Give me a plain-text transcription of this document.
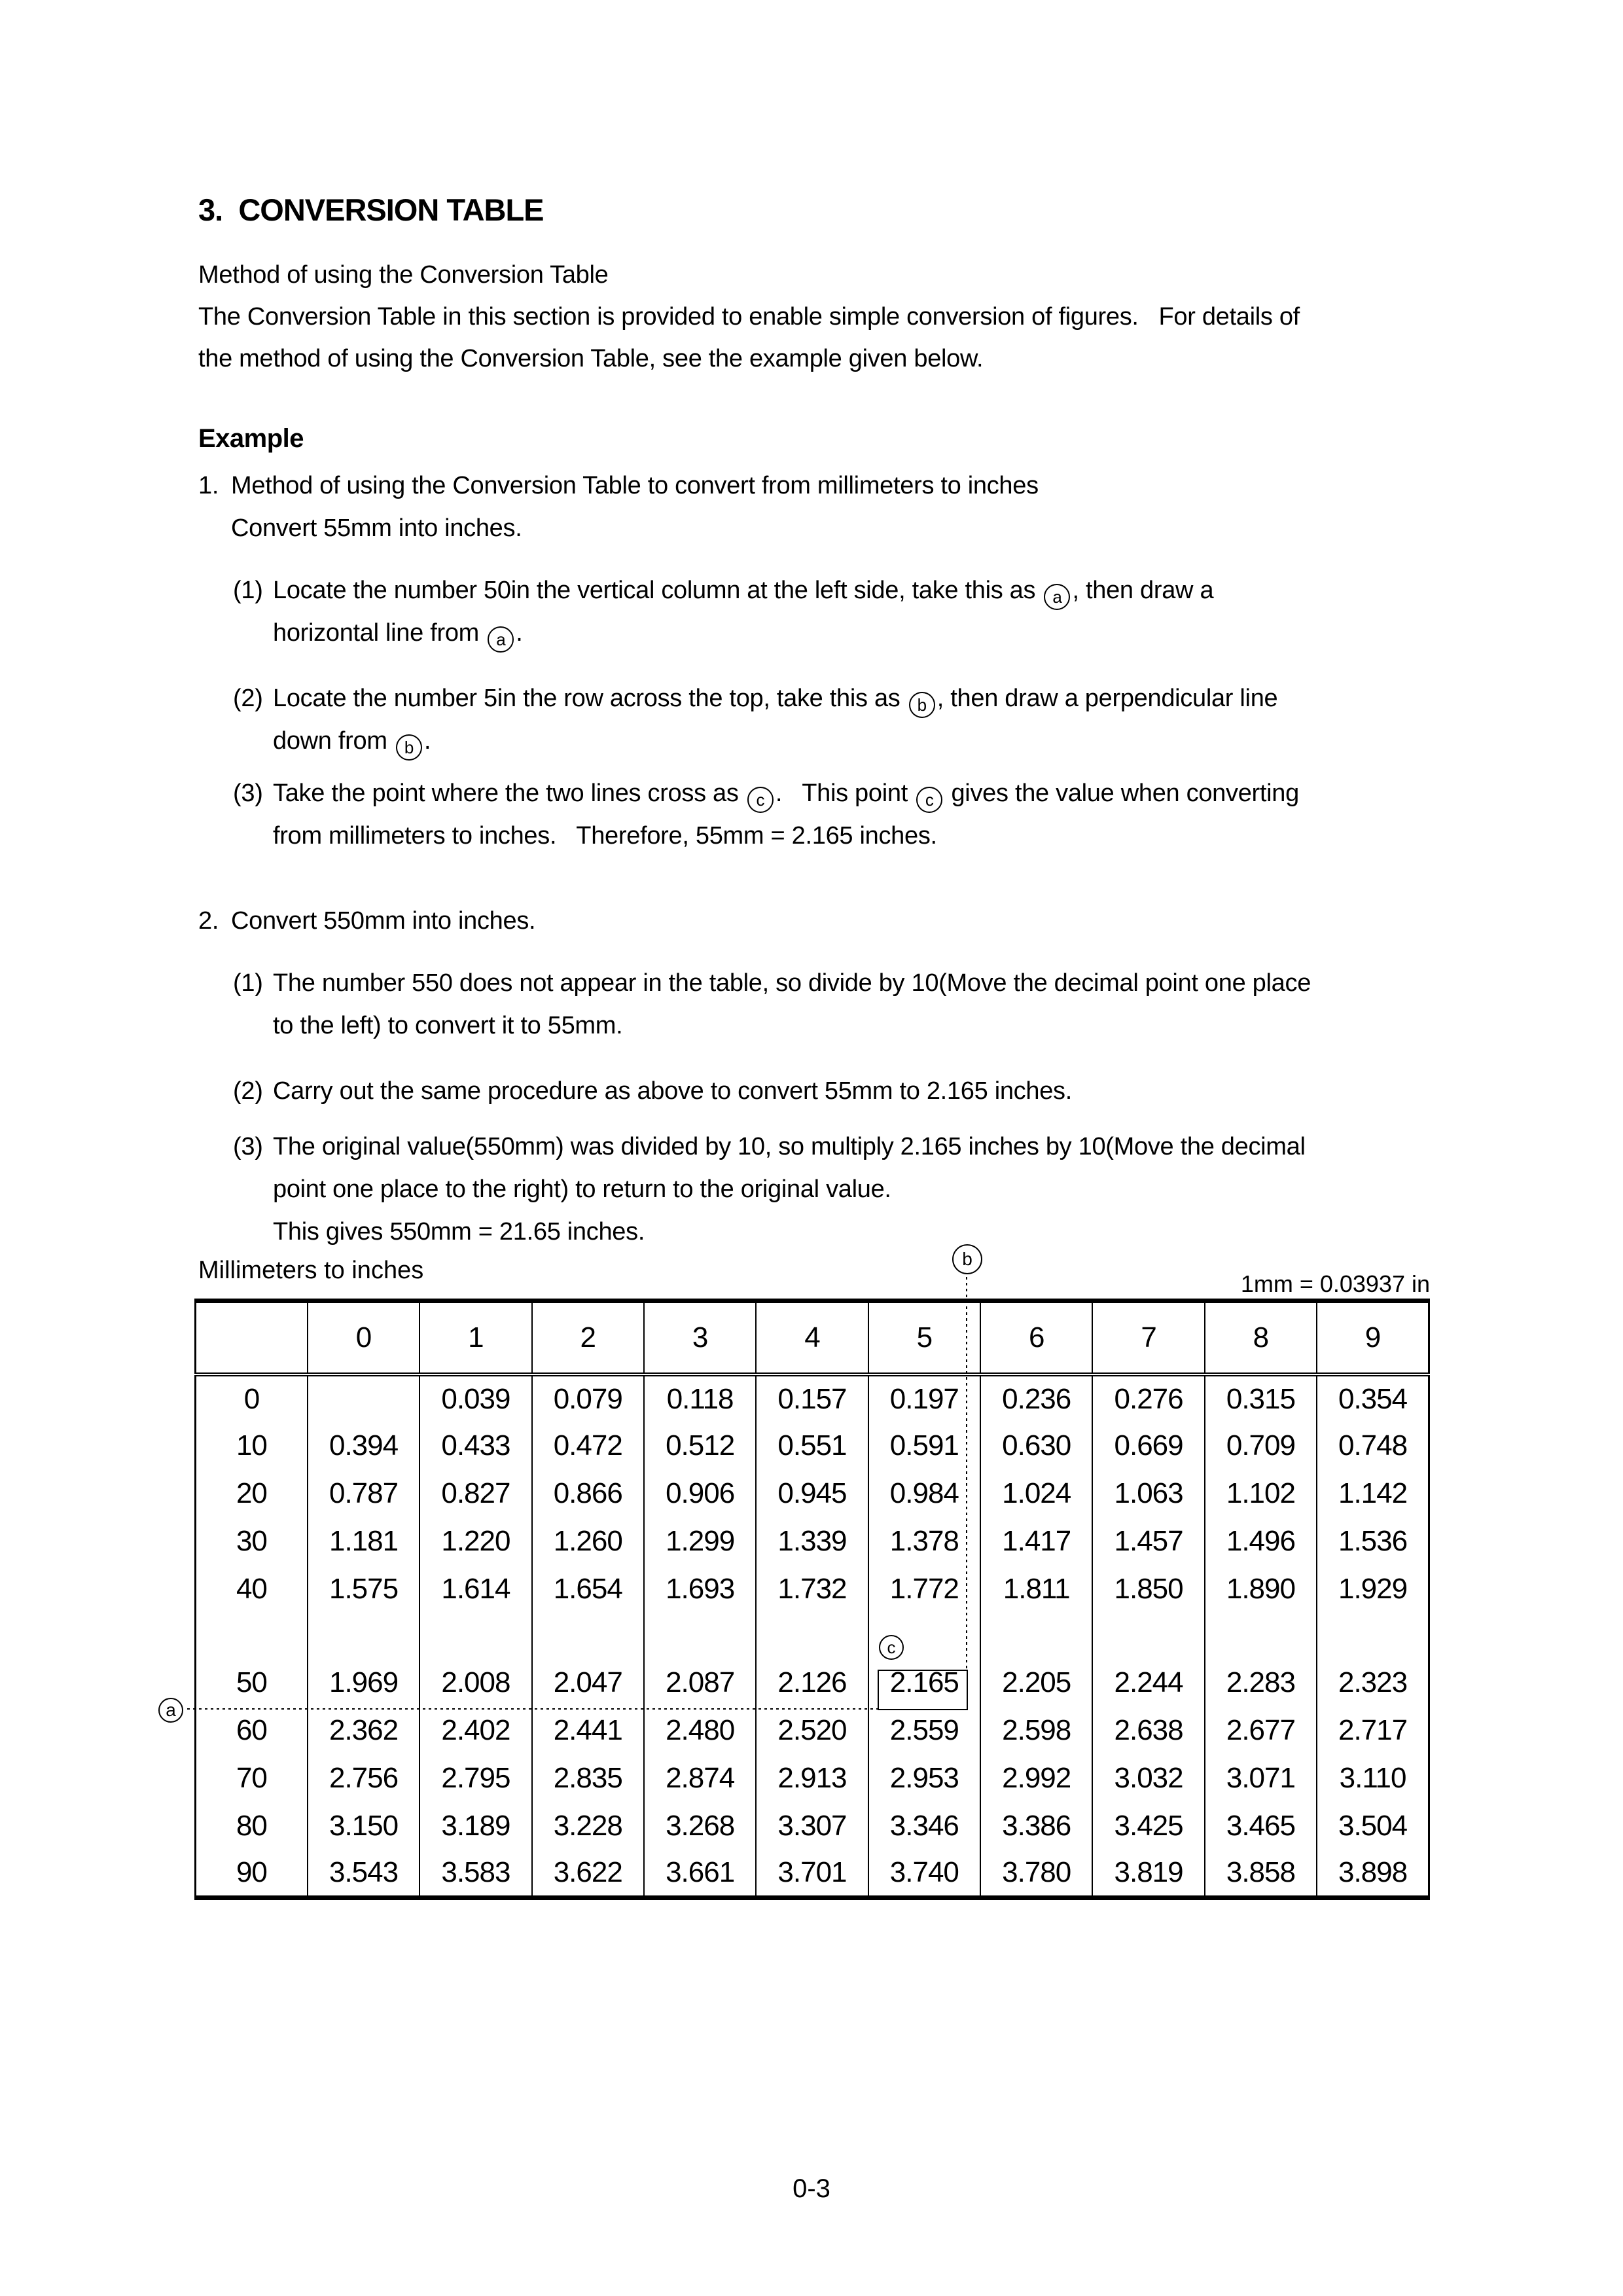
3.  CONVERSION TABLE
Method of using the Conversion Table
The Conversion Table in this section is provided to enable simple conversion of figures.   For details of
the method of using the Conversion Table, see the example given below.
Example
1. Method of using the Conversion Table to convert from millimeters to inches
Convert 55mm into inches.
(1) Locate the number 50in the vertical column at the left side, take this as a , then draw a
horizontal line from a .
(2) Locate the number 5in the row across the top, take this as b , then draw a perpendicular line
down from b .
(3) Take the point where the two lines cross as c .   This point c gives the value when converting
from millimeters to inches.   Therefore, 55mm = 2.165 inches.
2. Convert 550mm into inches.
(1) The number 550 does not appear in the table, so divide by 10(Move the decimal point one place
to the left) to convert it to 55mm.
(2) Carry out the same procedure as above to convert 55mm to 2.165 inches.
(3) The original value(550mm) was divided by 10, so multiply 2.165 inches by 10(Move the decimal
point one place to the right) to return to the original value.
This gives 550mm = 21.65 inches.
Millimeters to inches	1mm = 0.03937 in
	0	1	2	3	4	5	6	7	8	9
0		0.039	0.079	0.118	0.157	0.197	0.236	0.276	0.315	0.354
10	0.394	0.433	0.472	0.512	0.551	0.591	0.630	0.669	0.709	0.748
20	0.787	0.827	0.866	0.906	0.945	0.984	1.024	1.063	1.102	1.142
30	1.181	1.220	1.260	1.299	1.339	1.378	1.417	1.457	1.496	1.536
40	1.575	1.614	1.654	1.693	1.732	1.772	1.811	1.850	1.890	1.929

50	1.969	2.008	2.047	2.087	2.126	2.165	2.205	2.244	2.283	2.323
60	2.362	2.402	2.441	2.480	2.520	2.559	2.598	2.638	2.677	2.717
70	2.756	2.795	2.835	2.874	2.913	2.953	2.992	3.032	3.071	3.110
80	3.150	3.189	3.228	3.268	3.307	3.346	3.386	3.425	3.465	3.504
90	3.543	3.583	3.622	3.661	3.701	3.740	3.780	3.819	3.858	3.898
a
b
c
0-3
